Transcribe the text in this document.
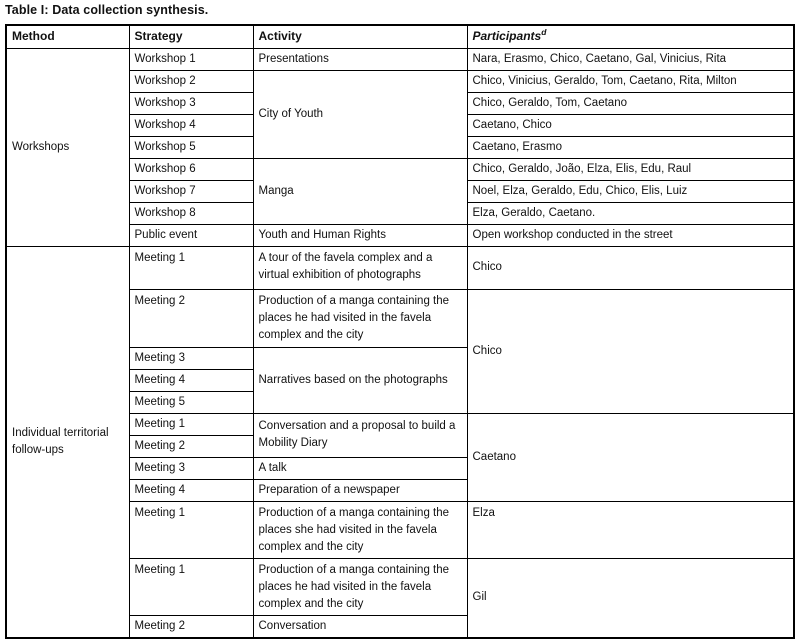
Table I: Data collection synthesis.
Method	Strategy	Activity	Participants$^d$
Workshops	Workshop 1	Presentations	Nara, Erasmo, Chico, Caetano, Gal, Vinicius, Rita
	Workshop 2	City of Youth	Chico, Vinicius, Geraldo, Tom, Caetano, Rita, Milton
	Workshop 3		Chico, Geraldo, Tom, Caetano
	Workshop 4		Caetano, Chico
	Workshop 5		Caetano, Erasmo
	Workshop 6	Manga	Chico, Geraldo, João, Elza, Elis, Edu, Raul
	Workshop 7		Noel, Elza, Geraldo, Edu, Chico, Elis, Luiz
	Workshop 8		Elza, Geraldo, Caetano.
	Public event	Youth and Human Rights	Open workshop conducted in the street
Individual territorial follow-ups	Meeting 1	A tour of the favela complex and a virtual exhibition of photographs	Chico
	Meeting 2	Production of a manga containing the places he had visited in the favela complex and the city	Chico
	Meeting 3	Narratives based on the photographs	
	Meeting 4		
	Meeting 5		
	Meeting 1	Conversation and a proposal to build a Mobility Diary	Caetano
	Meeting 2		
	Meeting 3	A talk	
	Meeting 4	Preparation of a newspaper	
	Meeting 1	Production of a manga containing the places she had visited in the favela complex and the city	Elza
	Meeting 1	Production of a manga containing the places he had visited in the favela complex and the city	Gil
	Meeting 2	Conversation	
